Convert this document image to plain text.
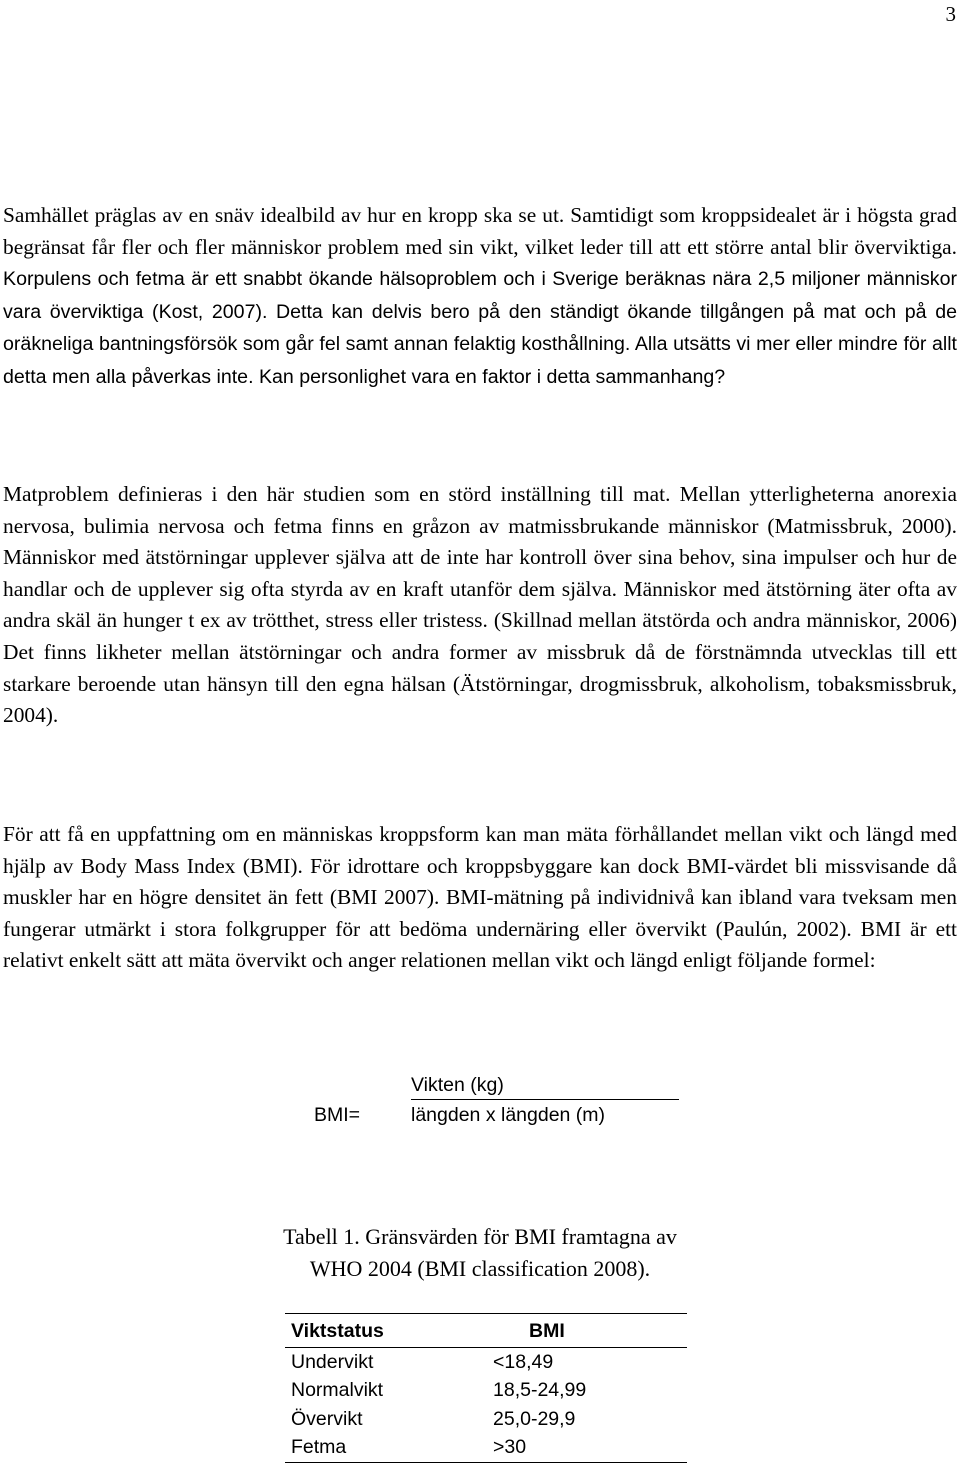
3

Samhället präglas av en snäv idealbild av hur en kropp ska se ut. Samtidigt som kroppsidealet är i högsta grad begränsat får fler och fler människor problem med sin vikt, vilket leder till att ett större antal blir överviktiga. Korpulens och fetma är ett snabbt ökande hälsoproblem och i Sverige beräknas nära 2,5 miljoner människor vara överviktiga (Kost, 2007). Detta kan delvis bero på den ständigt ökande tillgången på mat och på de oräkneliga bantningsförsök som går fel samt annan felaktig kosthållning. Alla utsätts vi mer eller mindre för allt detta men alla påverkas inte. Kan personlighet vara en faktor i detta sammanhang?

Matproblem definieras i den här studien som en störd inställning till mat. Mellan ytterligheterna anorexia nervosa, bulimia nervosa och fetma finns en gråzon av matmissbrukande människor (Matmissbruk, 2000). Människor med ätstörningar upplever själva att de inte har kontroll över sina behov, sina impulser och hur de handlar och de upplever sig ofta styrda av en kraft utanför dem själva. Människor med ätstörning äter ofta av andra skäl än hunger t ex av trötthet, stress eller tristess. (Skillnad mellan ätstörda och andra människor, 2006) Det finns likheter mellan ätstörningar och andra former av missbruk då de förstnämnda utvecklas till ett starkare beroende utan hänsyn till den egna hälsan (Ätstörningar, drogmissbruk, alkoholism, tobaksmissbruk, 2004).

För att få en uppfattning om en människas kroppsform kan man mäta förhållandet mellan vikt och längd med hjälp av Body Mass Index (BMI). För idrottare och kroppsbyggare kan dock BMI-värdet bli missvisande då muskler har en högre densitet än fett (BMI 2007). BMI-mätning på individnivå kan ibland vara tveksam men fungerar utmärkt i stora folkgrupper för att bedöma undernäring eller övervikt (Paulún, 2002). BMI är ett relativt enkelt sätt att mäta övervikt och anger relationen mellan vikt och längd enligt följande formel:

Vikten (kg)
BMI=	längden x längden (m)
Tabell 1. Gränsvärden för BMI framtagna av
WHO 2004 (BMI classification 2008).
Viktstatus	BMI
Undervikt	<18,49
Normalvikt	18,5-24,99
Övervikt	25,0-29,9
Fetma	>30
